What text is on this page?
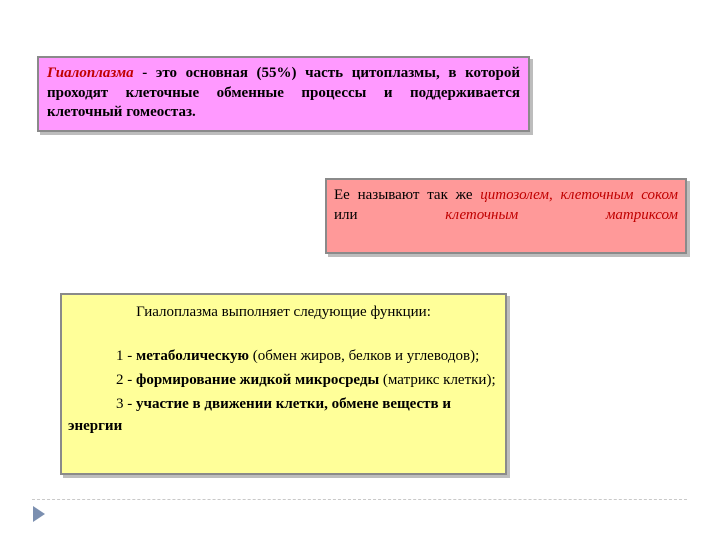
Гиалоплазма - это основная (55%) часть цитоплазмы, в которой проходят клеточные обменные процессы и поддерживается клеточный гомеостаз.
Ее называют так же цитозолем, клеточным соком или клеточным матриксом
Гиалоплазма выполняет следующие функции:
1 - метаболическую (обмен жиров, белков и углеводов);
2 - формирование жидкой микросреды (матрикс клетки);
3 - участие в движении клетки, обмене веществ и энергии
